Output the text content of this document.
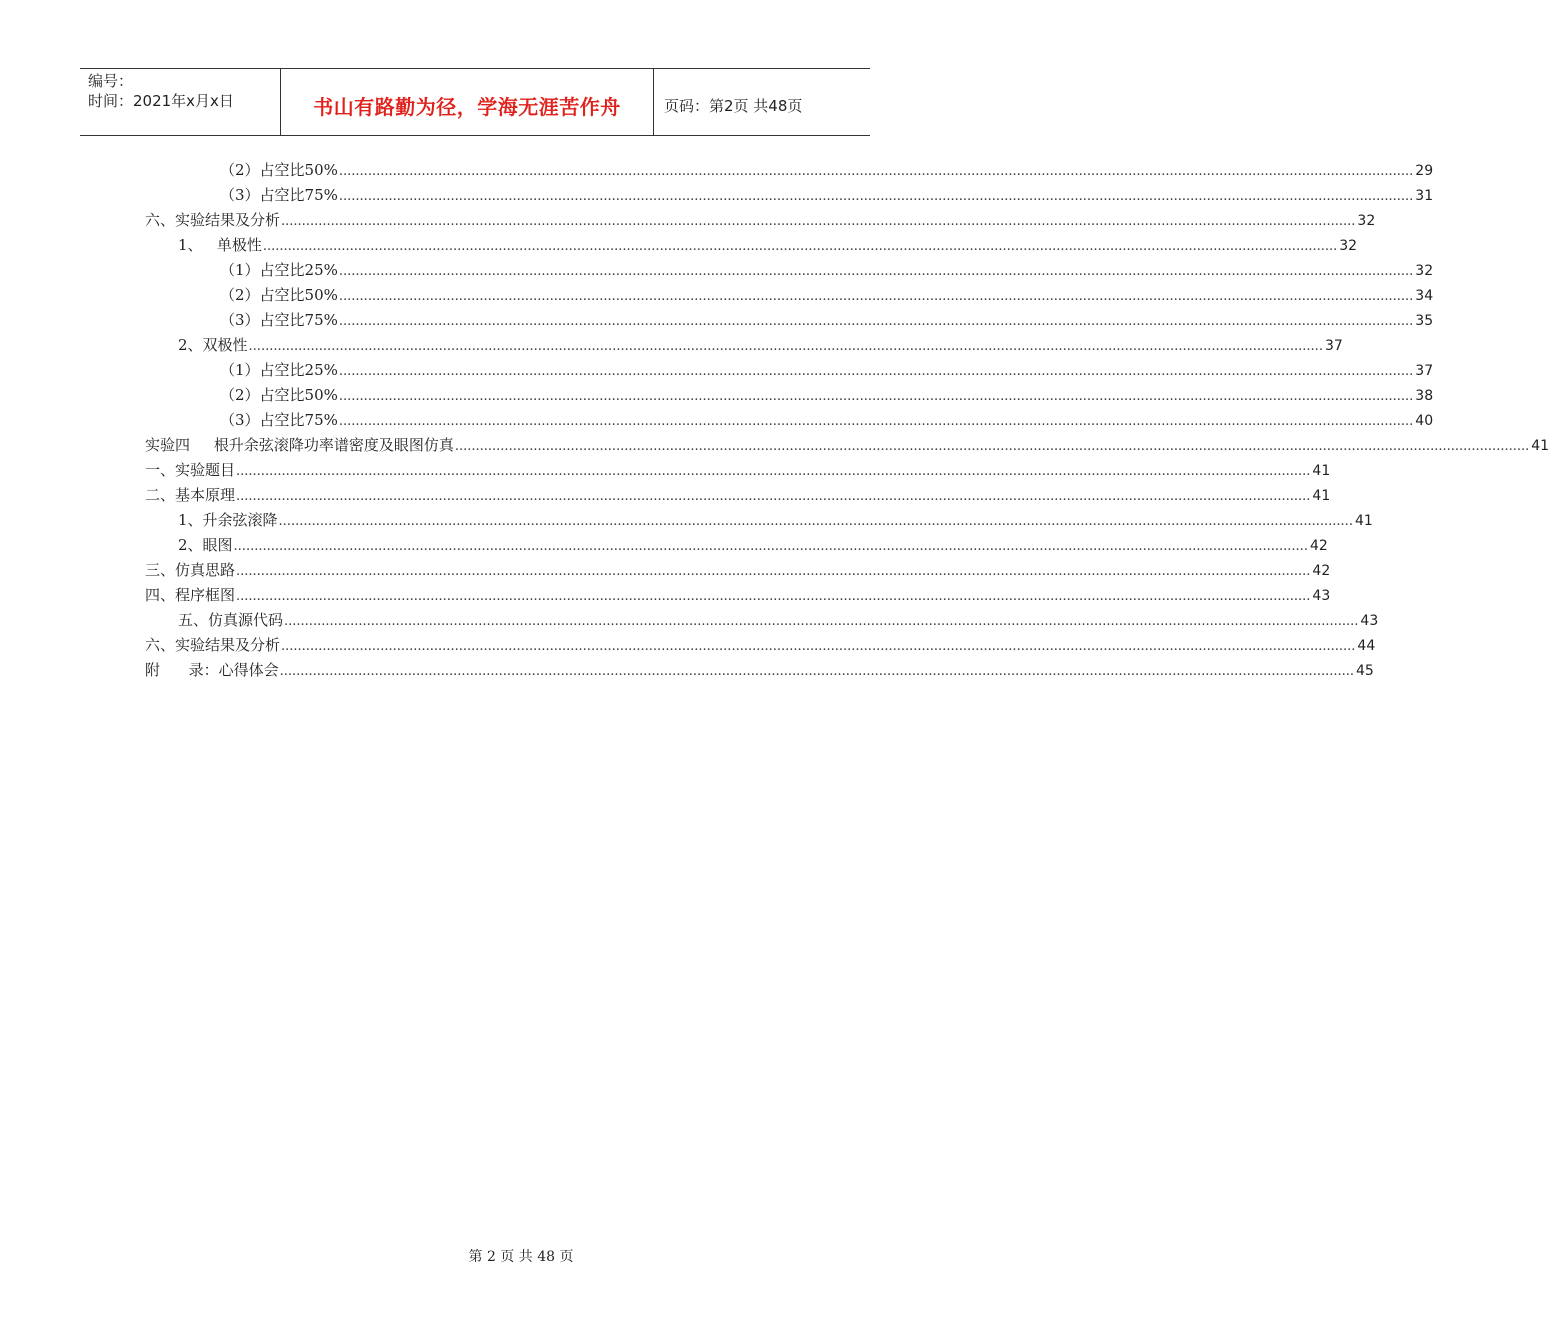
编号：
时间：2021年x月x日	书山有路勤为径，学海无涯苦作舟	页码：第2页 共48页
（2）占空比50% .................................................................................................................................................................................................................................................................... 29
（3）占空比75% .................................................................................................................................................................................................................................................................... 31
六、实验结果及分析 .................................................................................................................................................................................................................................................................... 32
1、   单极性 .................................................................................................................................................................................................................................................................... 32
（1）占空比25% .................................................................................................................................................................................................................................................................... 32
（2）占空比50% .................................................................................................................................................................................................................................................................... 34
（3）占空比75% .................................................................................................................................................................................................................................................................... 35
2、双极性 .................................................................................................................................................................................................................................................................... 37
（1）占空比25% .................................................................................................................................................................................................................................................................... 37
（2）占空比50% .................................................................................................................................................................................................................................................................... 38
（3）占空比75% .................................................................................................................................................................................................................................................................... 40
实验四     根升余弦滚降功率谱密度及眼图仿真 .................................................................................................................................................................................................................................................................... 41
一、实验题目 .................................................................................................................................................................................................................................................................... 41
二、基本原理 .................................................................................................................................................................................................................................................................... 41
1、升余弦滚降 .................................................................................................................................................................................................................................................................... 41
2、眼图 .................................................................................................................................................................................................................................................................... 42
三、仿真思路 .................................................................................................................................................................................................................................................................... 42
四、程序框图 .................................................................................................................................................................................................................................................................... 43
五、仿真源代码 .................................................................................................................................................................................................................................................................... 43
六、实验结果及分析 .................................................................................................................................................................................................................................................................... 44
附      录：心得体会 .................................................................................................................................................................................................................................................................... 45
第 2 页 共 48 页
